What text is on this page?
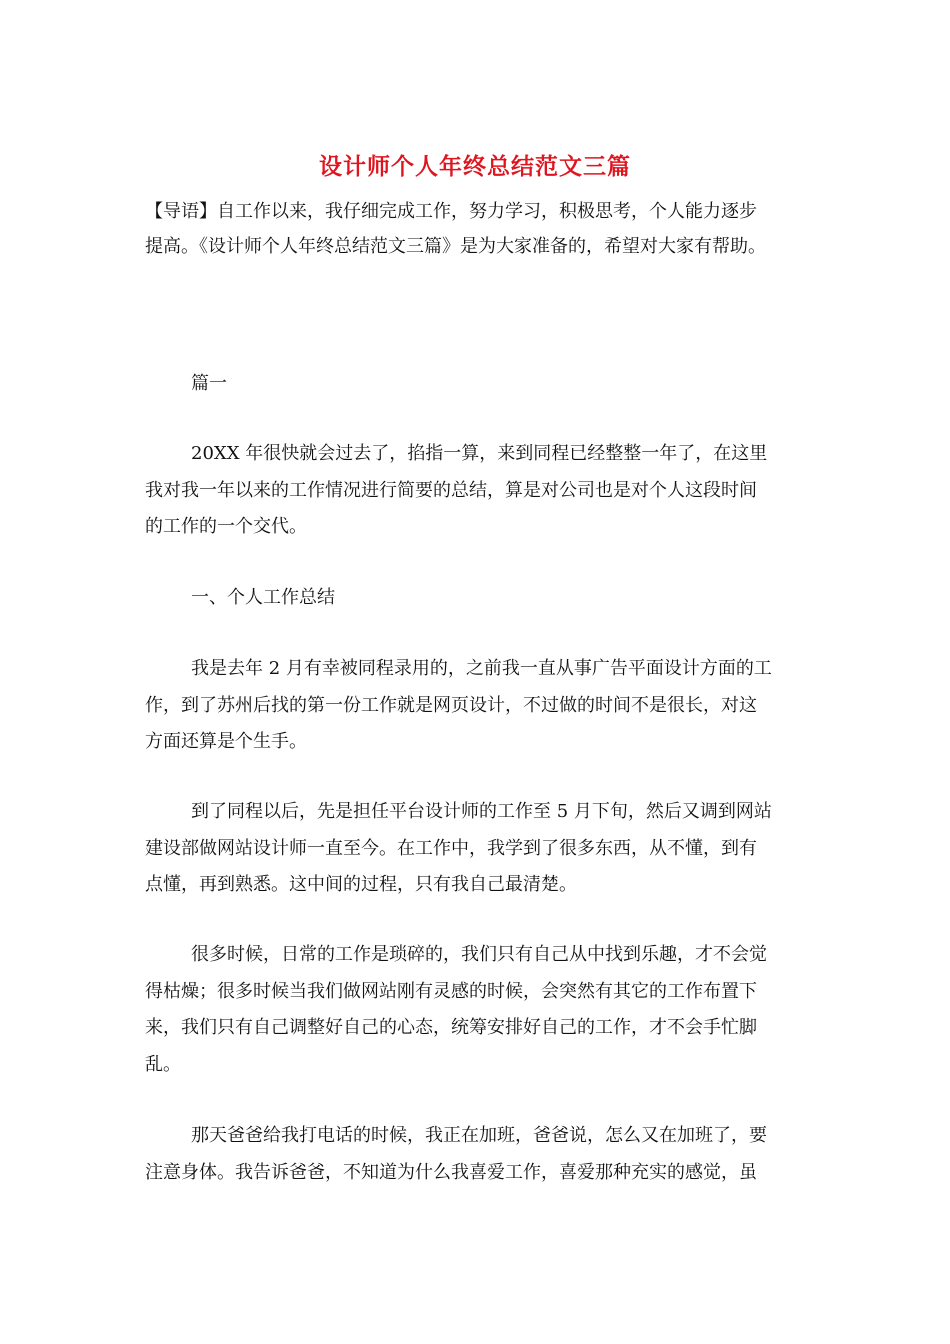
设计师个人年终总结范文三篇

【导语】自工作以来，我仔细完成工作，努力学习，积极思考，个人能力逐步

提高。《设计师个人年终总结范文三篇》是为大家准备的，希望对大家有帮助。

篇一

20XX 年很快就会过去了，掐指一算，来到同程已经整整一年了，在这里

我对我一年以来的工作情况进行简要的总结，算是对公司也是对个人这段时间

的工作的一个交代。

一、个人工作总结

我是去年 2 月有幸被同程录用的，之前我一直从事广告平面设计方面的工

作，到了苏州后找的第一份工作就是网页设计，不过做的时间不是很长，对这

方面还算是个生手。

到了同程以后，先是担任平台设计师的工作至 5 月下旬，然后又调到网站

建设部做网站设计师一直至今。在工作中，我学到了很多东西，从不懂，到有

点懂，再到熟悉。这中间的过程，只有我自己最清楚。

很多时候，日常的工作是琐碎的，我们只有自己从中找到乐趣，才不会觉

得枯燥；很多时候当我们做网站刚有灵感的时候，会突然有其它的工作布置下

来，我们只有自己调整好自己的心态，统筹安排好自己的工作，才不会手忙脚

乱。

那天爸爸给我打电话的时候，我正在加班，爸爸说，怎么又在加班了，要

注意身体。我告诉爸爸，不知道为什么我喜爱工作，喜爱那种充实的感觉，虽
